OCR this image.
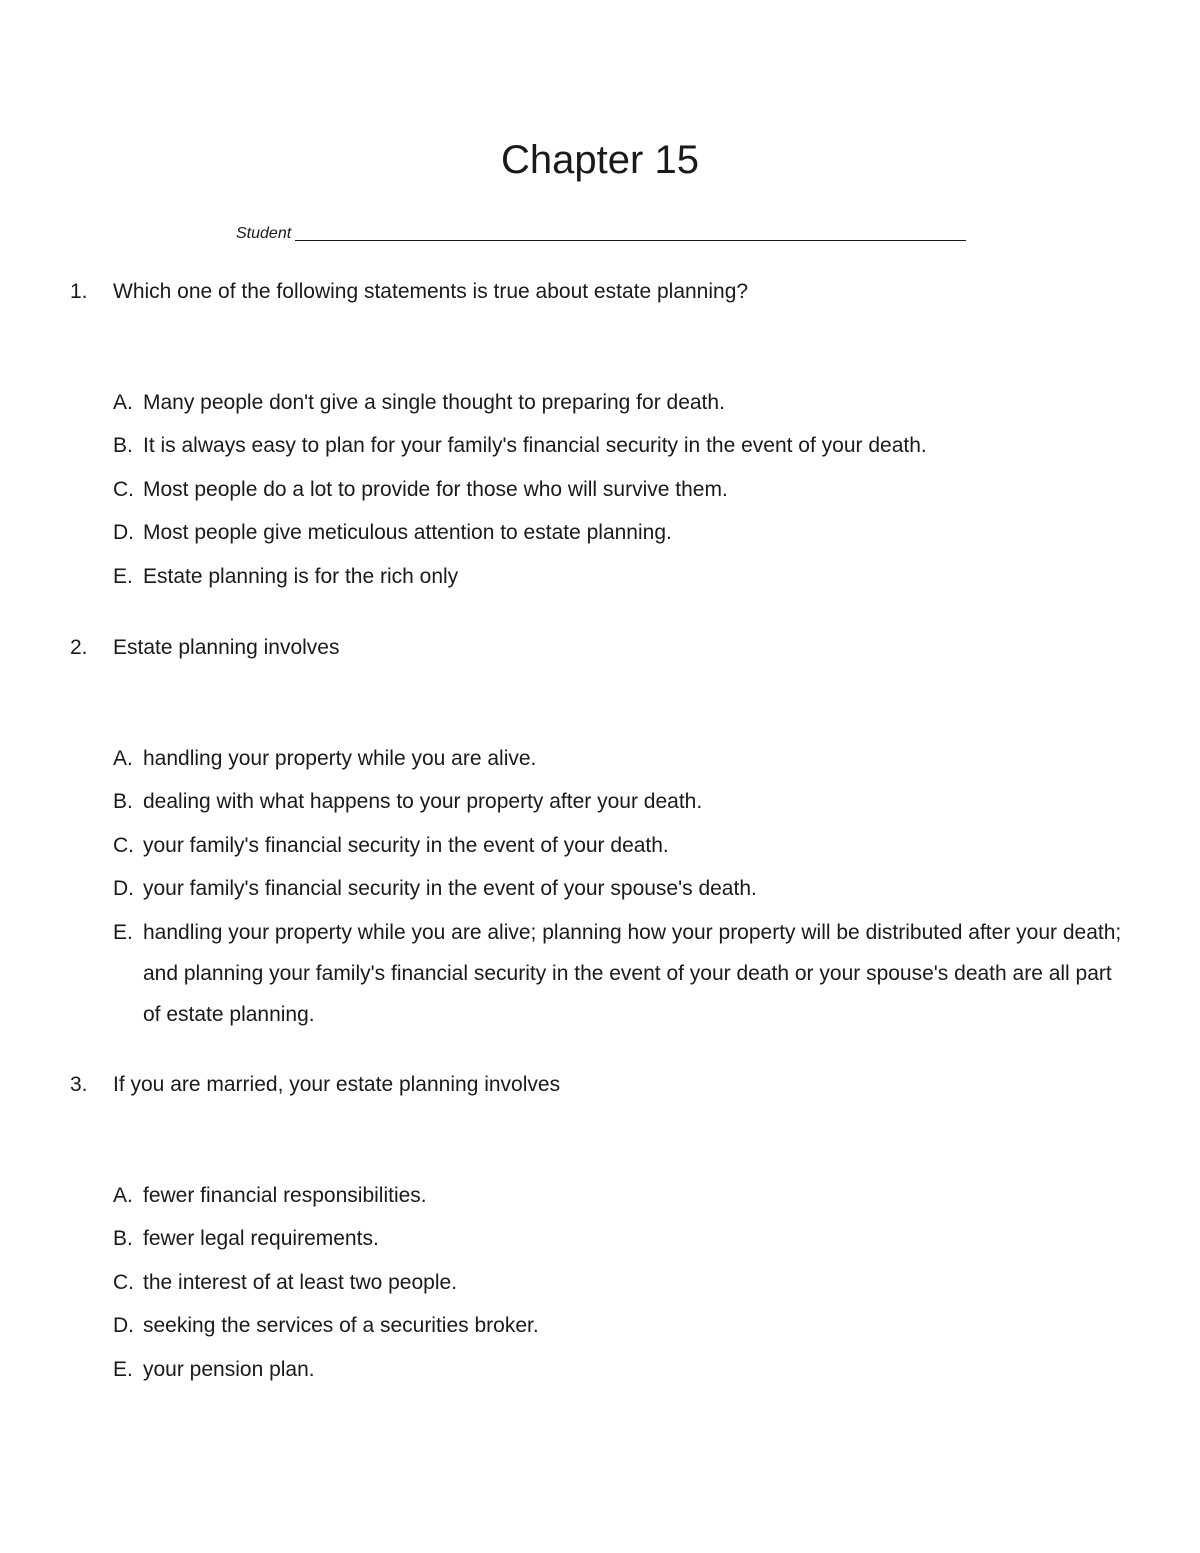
Chapter 15
Student
1. Which one of the following statements is true about estate planning?
A. Many people don't give a single thought to preparing for death.
B. It is always easy to plan for your family's financial security in the event of your death.
C. Most people do a lot to provide for those who will survive them.
D. Most people give meticulous attention to estate planning.
E. Estate planning is for the rich only
2. Estate planning involves
A. handling your property while you are alive.
B. dealing with what happens to your property after your death.
C. your family's financial security in the event of your death.
D. your family's financial security in the event of your spouse's death.
E. handling your property while you are alive; planning how your property will be distributed after your death; and planning your family's financial security in the event of your death or your spouse's death are all part of estate planning.
3. If you are married, your estate planning involves
A. fewer financial responsibilities.
B. fewer legal requirements.
C. the interest of at least two people.
D. seeking the services of a securities broker.
E. your pension plan.
